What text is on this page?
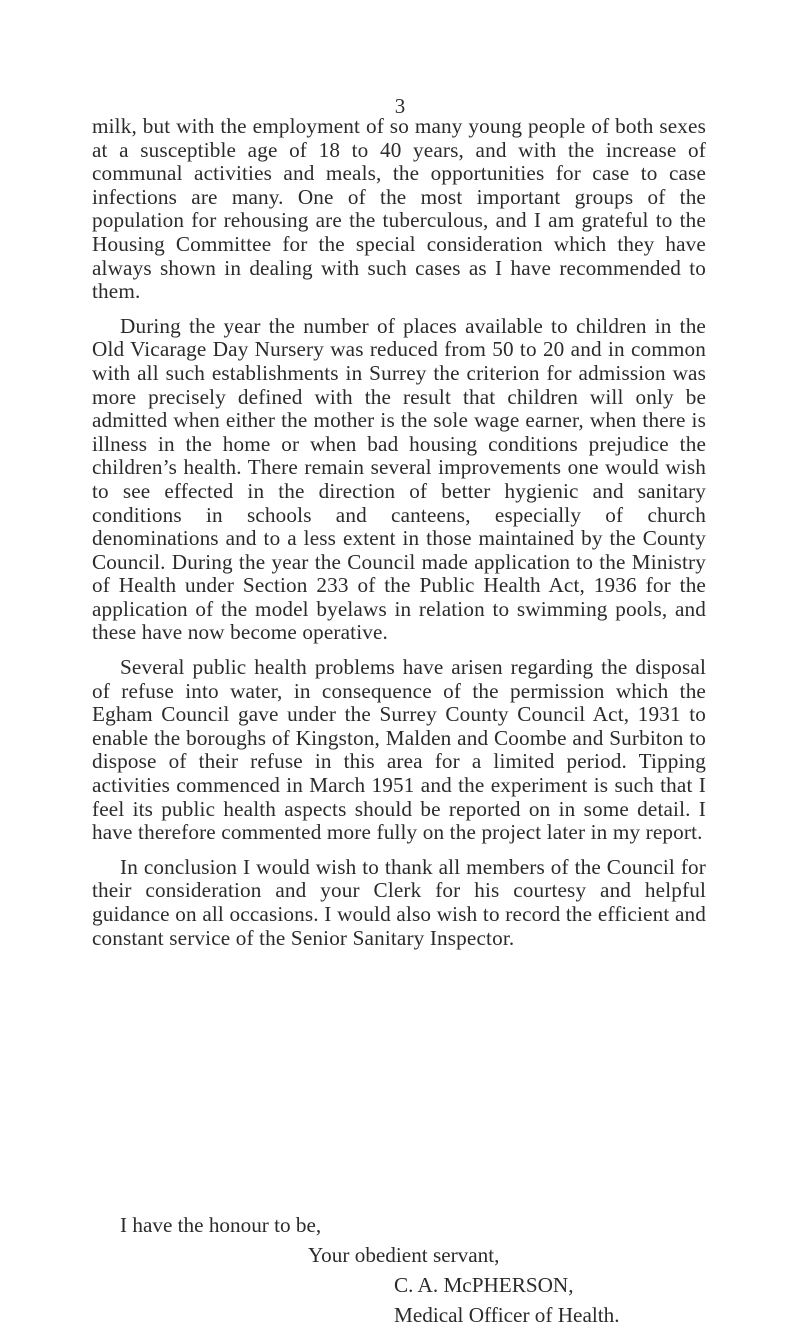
3

milk, but with the employment of so many young people of both sexes at a susceptible age of 18 to 40 years, and with the increase of communal activities and meals, the opportunities for case to case infections are many. One of the most important groups of the population for rehousing are the tuberculous, and I am grateful to the Housing Committee for the special consideration which they have always shown in dealing with such cases as I have recommended to them.

During the year the number of places available to children in the Old Vicarage Day Nursery was reduced from 50 to 20 and in common with all such establishments in Surrey the criterion for admission was more precisely defined with the result that children will only be admitted when either the mother is the sole wage earner, when there is illness in the home or when bad housing conditions prejudice the children’s health. There remain several improvements one would wish to see effected in the direction of better hygienic and sanitary conditions in schools and canteens, especially of church denominations and to a less extent in those maintained by the County Council. During the year the Council made application to the Ministry of Health under Section 233 of the Public Health Act, 1936 for the application of the model byelaws in relation to swimming pools, and these have now become operative.

Several public health problems have arisen regarding the disposal of refuse into water, in consequence of the permission which the Egham Council gave under the Surrey County Council Act, 1931 to enable the boroughs of Kingston, Malden and Coombe and Surbiton to dispose of their refuse in this area for a limited period. Tipping activities commenced in March 1951 and the experiment is such that I feel its public health aspects should be reported on in some detail. I have therefore commented more fully on the project later in my report.

In conclusion I would wish to thank all members of the Council for their consideration and your Clerk for his courtesy and helpful guidance on all occasions. I would also wish to record the efficient and constant service of the Senior Sanitary Inspector.

I have the honour to be,
Your obedient servant,
C. A. McPHERSON,
Medical Officer of Health.
